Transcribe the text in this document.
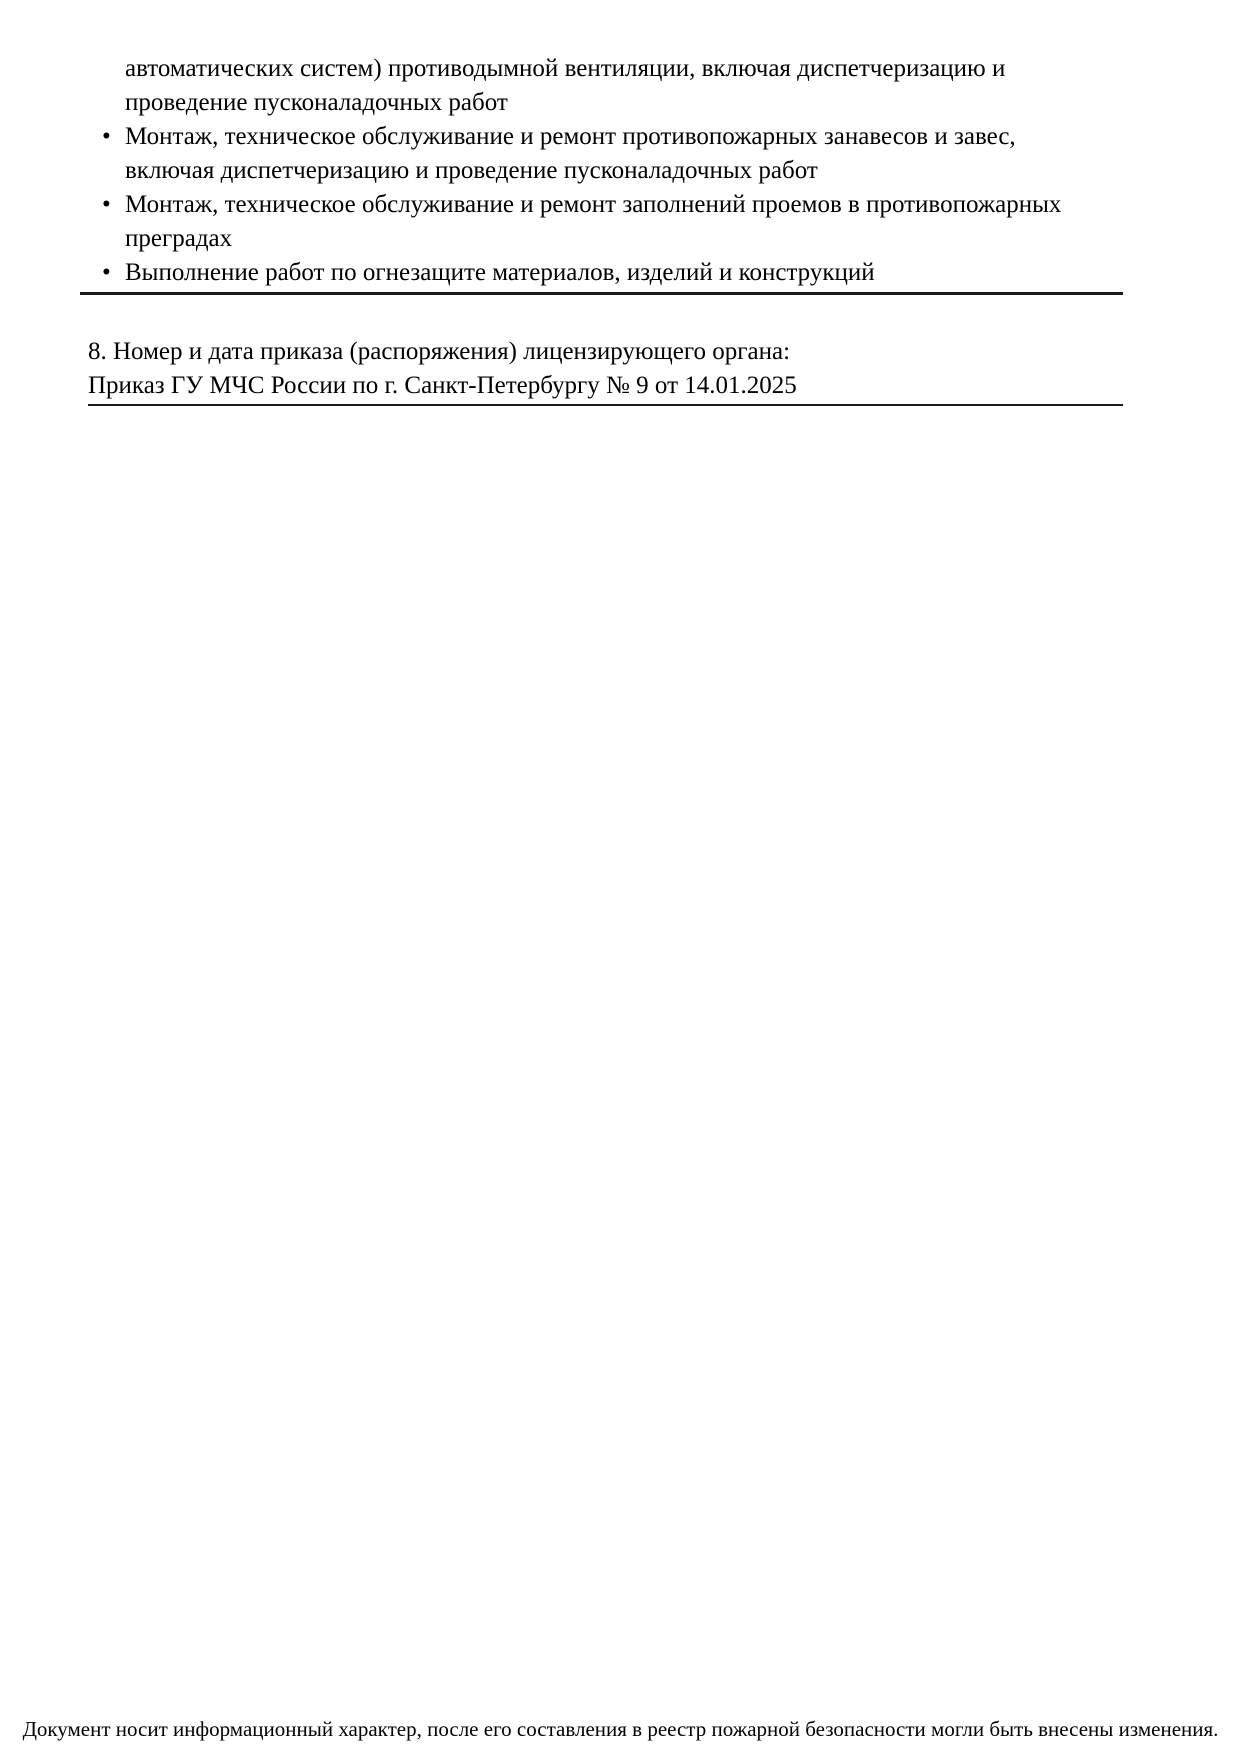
автоматических систем) противодымной вентиляции, включая диспетчеризацию и проведение пусконаладочных работ
• Монтаж, техническое обслуживание и ремонт противопожарных занавесов и завес, включая диспетчеризацию и проведение пусконаладочных работ
• Монтаж, техническое обслуживание и ремонт заполнений проемов в противопожарных преградах
• Выполнение работ по огнезащите материалов, изделий и конструкций
8. Номер и дата приказа (распоряжения) лицензирующего органа:
Приказ ГУ МЧС России по г. Санкт-Петербургу № 9 от 14.01.2025
Документ носит информационный характер, после его составления в реестр пожарной безопасности могли быть внесены изменения.
